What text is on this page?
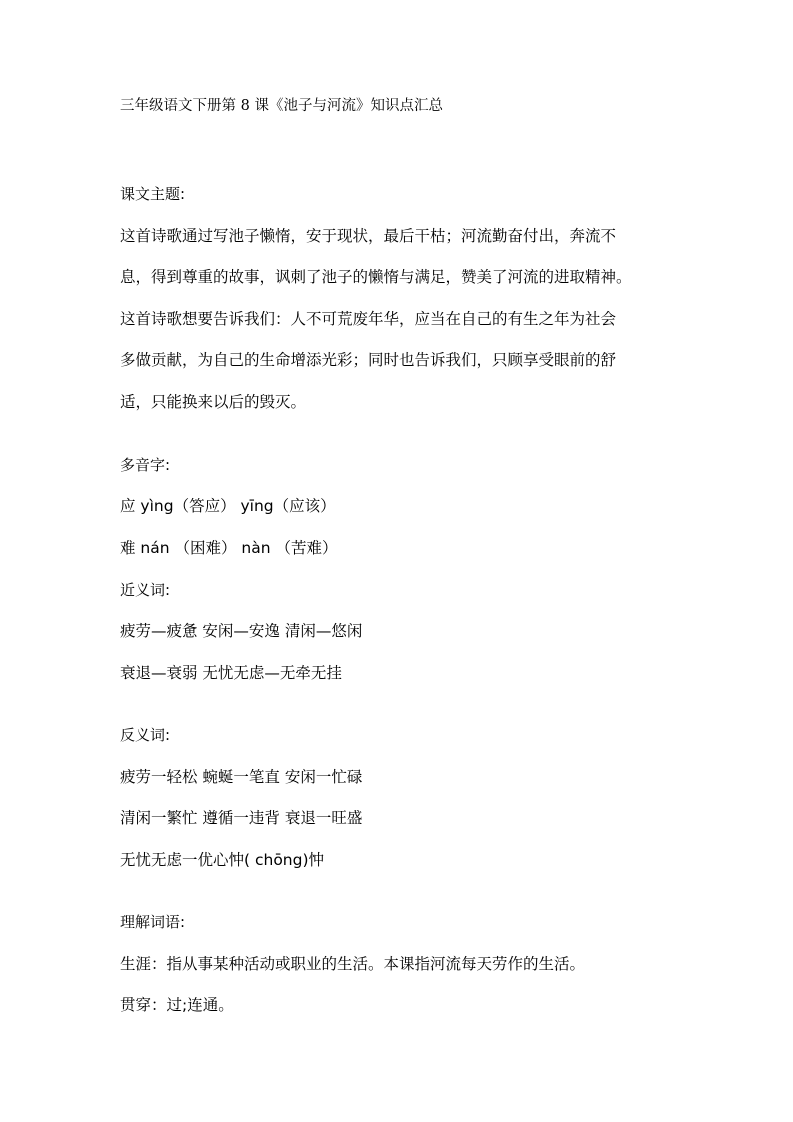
三年级语文下册第 8 课《池子与河流》知识点汇总
课文主题:
这首诗歌通过写池子懒惰，安于现状，最后干枯；河流勤奋付出，奔流不
息，得到尊重的故事，讽刺了池子的懒惰与满足，赞美了河流的进取精神。
这首诗歌想要告诉我们：人不可荒废年华，应当在自己的有生之年为社会
多做贡献，为自己的生命增添光彩；同时也告诉我们，只顾享受眼前的舒
适，只能换来以后的毁灭。
多音字:
应 yìng（答应） yīng（应该）
难 nán （困难） nàn （苦难）
近义词:
疲劳—疲惫 安闲—安逸 清闲—悠闲
衰退—衰弱 无忧无虑—无牵无挂
反义词:
疲劳一轻松 蜿蜒一笔直 安闲一忙碌
清闲一繁忙 遵循一违背 衰退一旺盛
无忧无虑一优心忡( chōng)忡
理解词语:
生涯：指从事某种活动或职业的生活。本课指河流每天劳作的生活。
贯穿：过;连通。
